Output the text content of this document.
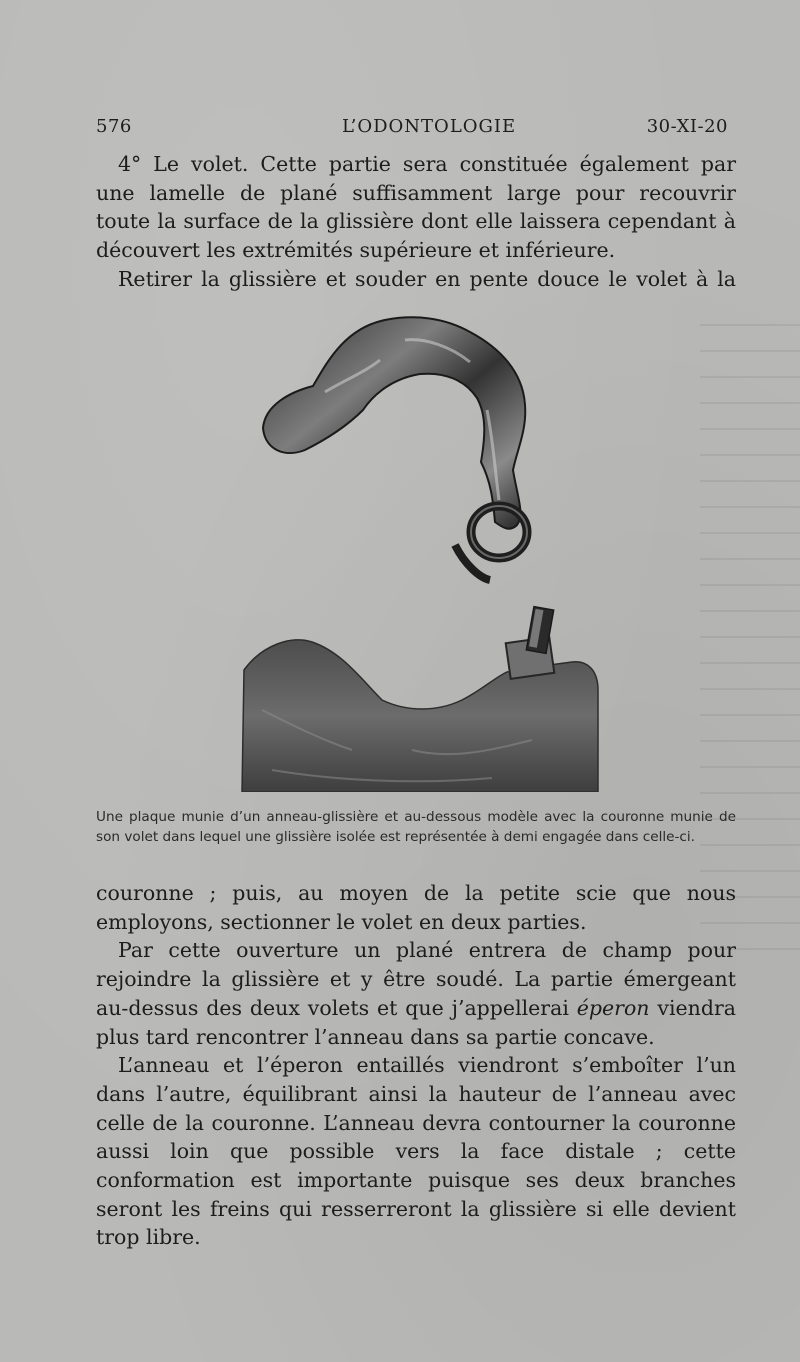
576	L’ODONTOLOGIE	30-XI-20

4° Le volet. Cette partie sera constituée également par une lamelle de plané suffisamment large pour recouvrir toute la surface de la glissière dont elle laissera cependant à découvert les extrémités supérieure et inférieure.

Retirer la glissière et souder en pente douce le volet à la

Une plaque munie d’un anneau-glissière et au-dessous modèle avec la couronne munie de son volet dans lequel une glissière isolée est représentée à demi engagée dans celle-ci.

couronne ; puis, au moyen de la petite scie que nous employons, sectionner le volet en deux parties.

Par cette ouverture un plané entrera de champ pour rejoindre la glissière et y être soudé. La partie émergeant au-dessus des deux volets et que j’appellerai éperon viendra plus tard rencontrer l’anneau dans sa partie concave.

L’anneau et l’éperon entaillés viendront s’emboîter l’un dans l’autre, équilibrant ainsi la hauteur de l’anneau avec celle de la couronne. L’anneau devra contourner la couronne aussi loin que possible vers la face distale ; cette conformation est importante puisque ses deux branches seront les freins qui resserreront la glissière si elle devient trop libre.
